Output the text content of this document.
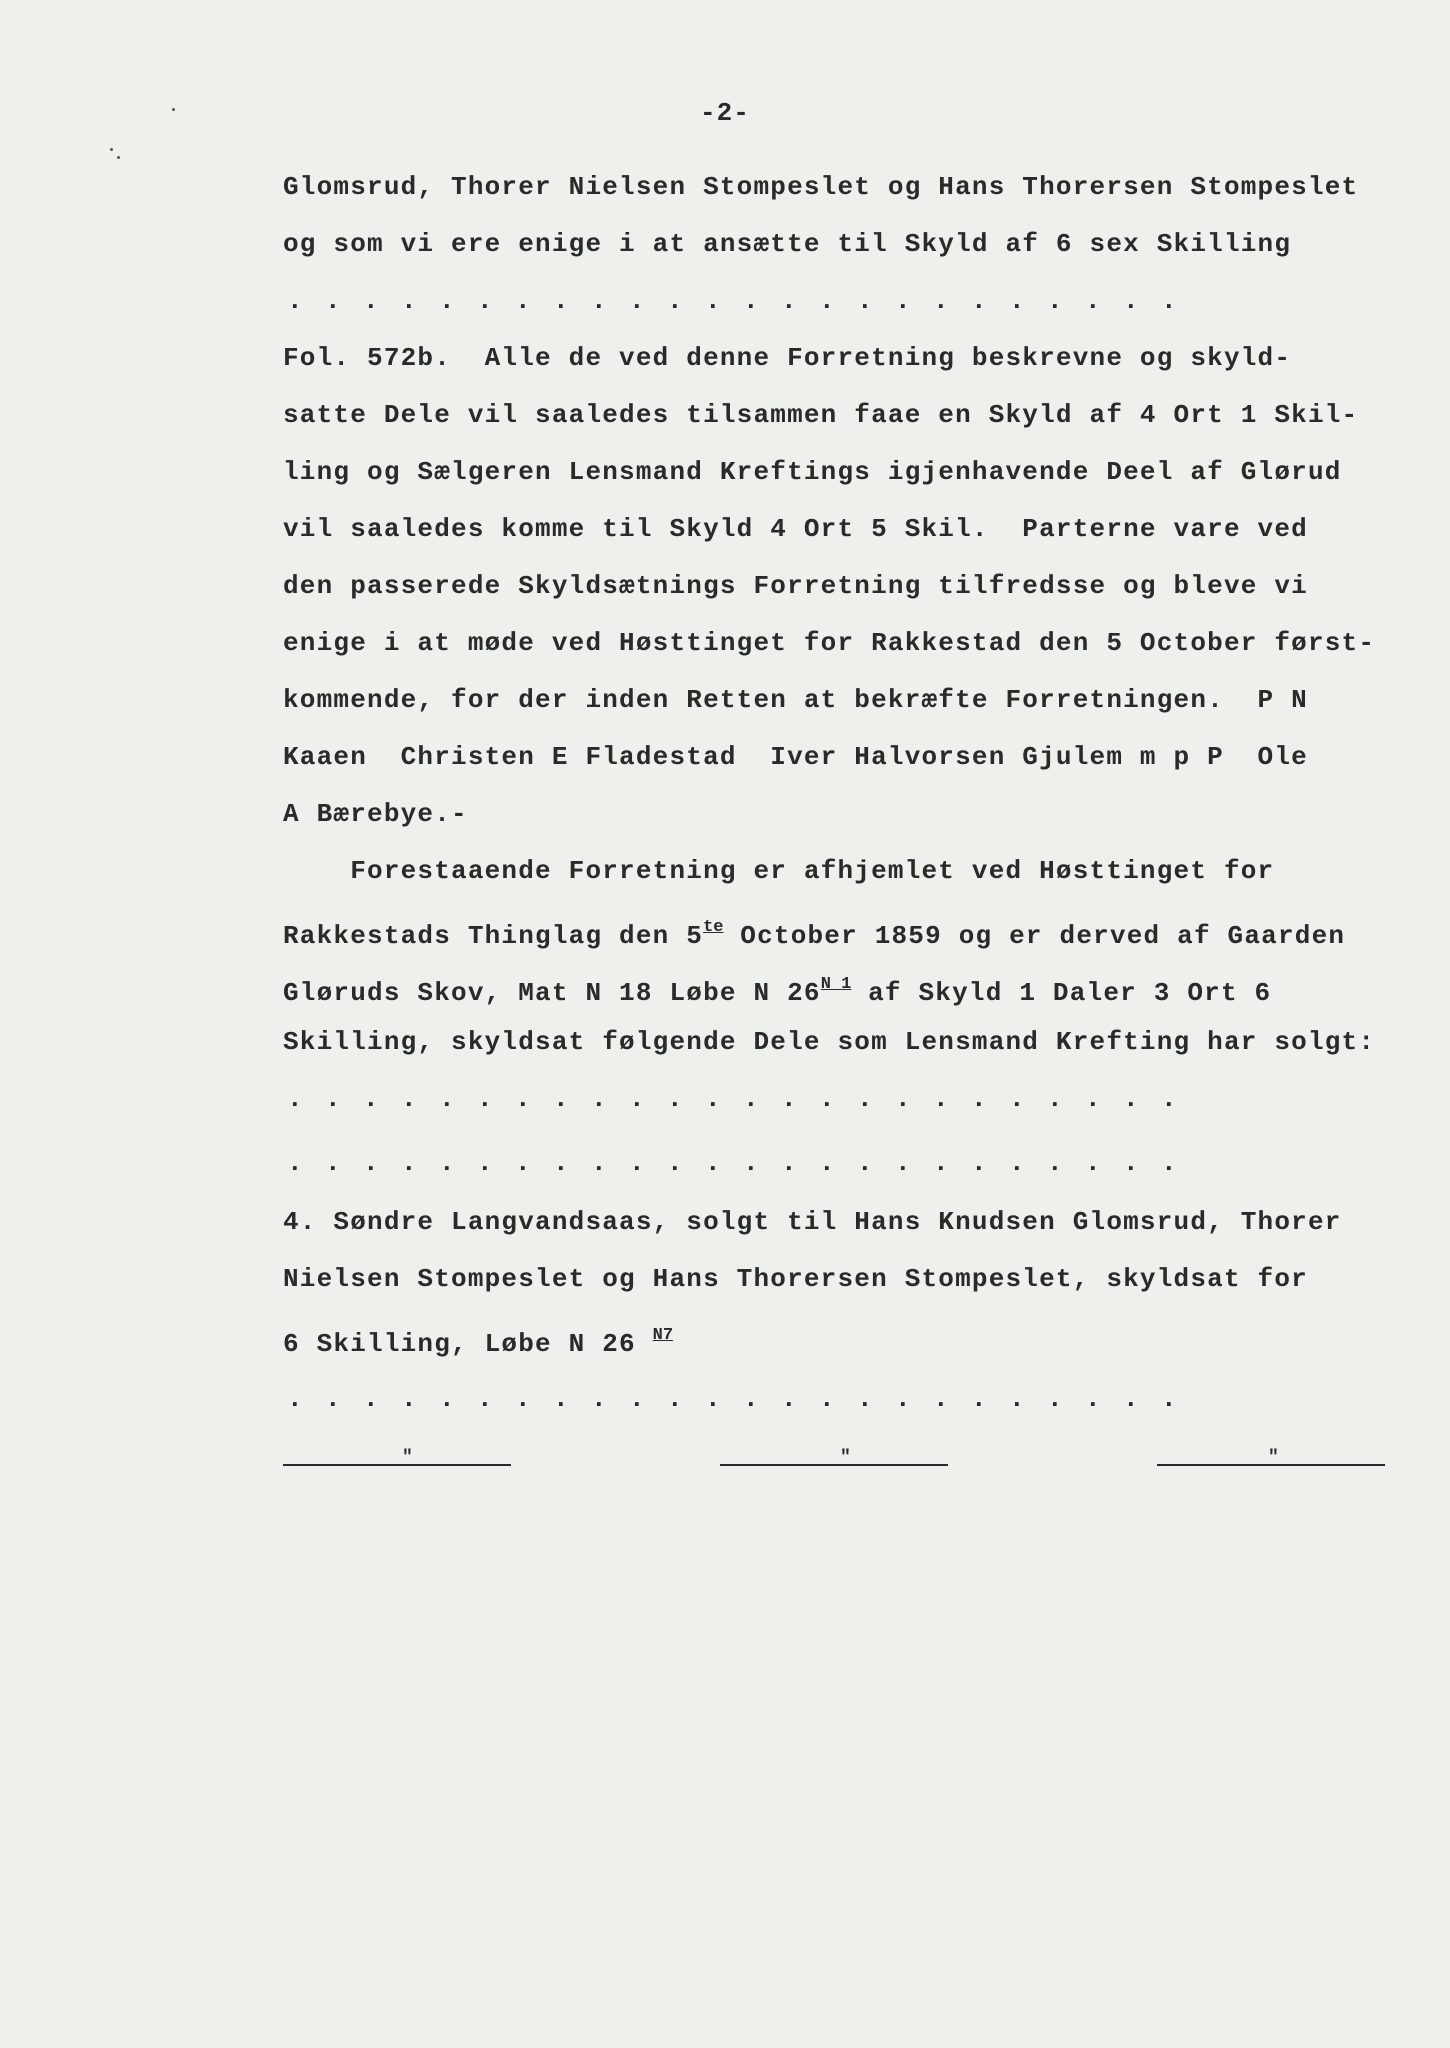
-2-
Glomsrud, Thorer Nielsen Stompeslet og Hans Thorersen Stompeslet
og som vi ere enige i at ansætte til Skyld af 6 sex Skilling
........................
Fol. 572b.  Alle de ved denne Forretning beskrevne og skyld-
satte Dele vil saaledes tilsammen faae en Skyld af 4 Ort 1 Skil-
ling og Sælgeren Lensmand Kreftings igjenhavende Deel af Glørud
vil saaledes komme til Skyld 4 Ort 5 Skil.  Parterne vare ved
den passerede Skyldsætnings Forretning tilfredsse og bleve vi
enige i at møde ved Høsttinget for Rakkestad den 5 October først-
kommende, for der inden Retten at bekræfte Forretningen.  P N
Kaaen  Christen E Fladestad  Iver Halvorsen Gjulem m p P  Ole
A Bærebye.-
Forestaaende Forretning er afhjemlet ved Høsttinget for
Rakkestads Thinglag den $5^{te}$ October 1859 og er derved af Gaarden
Gløruds Skov, Mat N 18 Løbe N $26^{N 1}$ af Skyld 1 Daler 3 Ort 6
Skilling, skyldsat følgende Dele som Lensmand Krefting har solgt:
........................
........................
4. Søndre Langvandsaas, solgt til Hans Knudsen Glomsrud, Thorer
Nielsen Stompeslet og Hans Thorersen Stompeslet, skyldsat for
6 Skilling, Løbe N 26 $^{N7}$
........................
"	"	"
